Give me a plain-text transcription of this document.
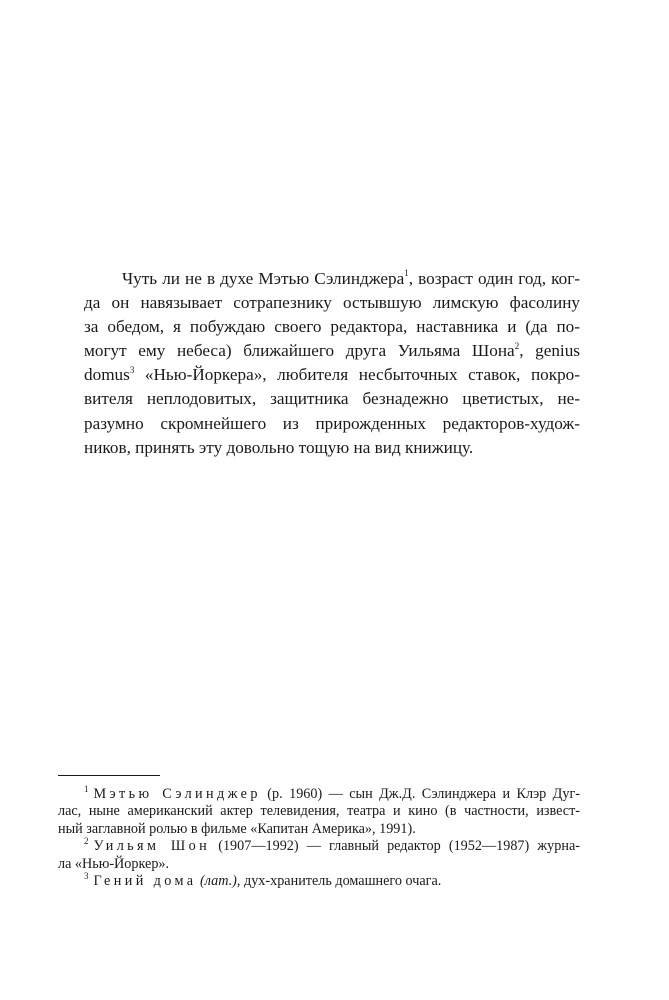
Чуть ли не в духе Мэтью Сэлинджера$^1$, возраст один год, ког-
да он навязывает сотрапезнику остывшую лимскую фасолину
за обедом, я побуждаю своего редактора, наставника и (да по-
могут ему небеса) ближайшего друга Уильяма Шона$^2$, genius
domus$^3$ «Нью-Йоркера», любителя несбыточных ставок, покро-
вителя неплодовитых, защитника безнадежно цветистых, не-
разумно скромнейшего из прирожденных редакторов-худож-
ников, принять эту довольно тощую на вид книжицу.
$^1$ Мэтью Сэлинджер (р. 1960) — сын Дж.Д. Сэлинджера и Клэр Дуг-
лас, ныне американский актер телевидения, театра и кино (в частности, извест-
ный заглавной ролью в фильме «Капитан Америка», 1991).
$^2$ Уильям Шон (1907—1992) — главный редактор (1952—1987) журна-
ла «Нью-Йоркер».
$^3$ Гений дома (лат.), дух-хранитель домашнего очага.
